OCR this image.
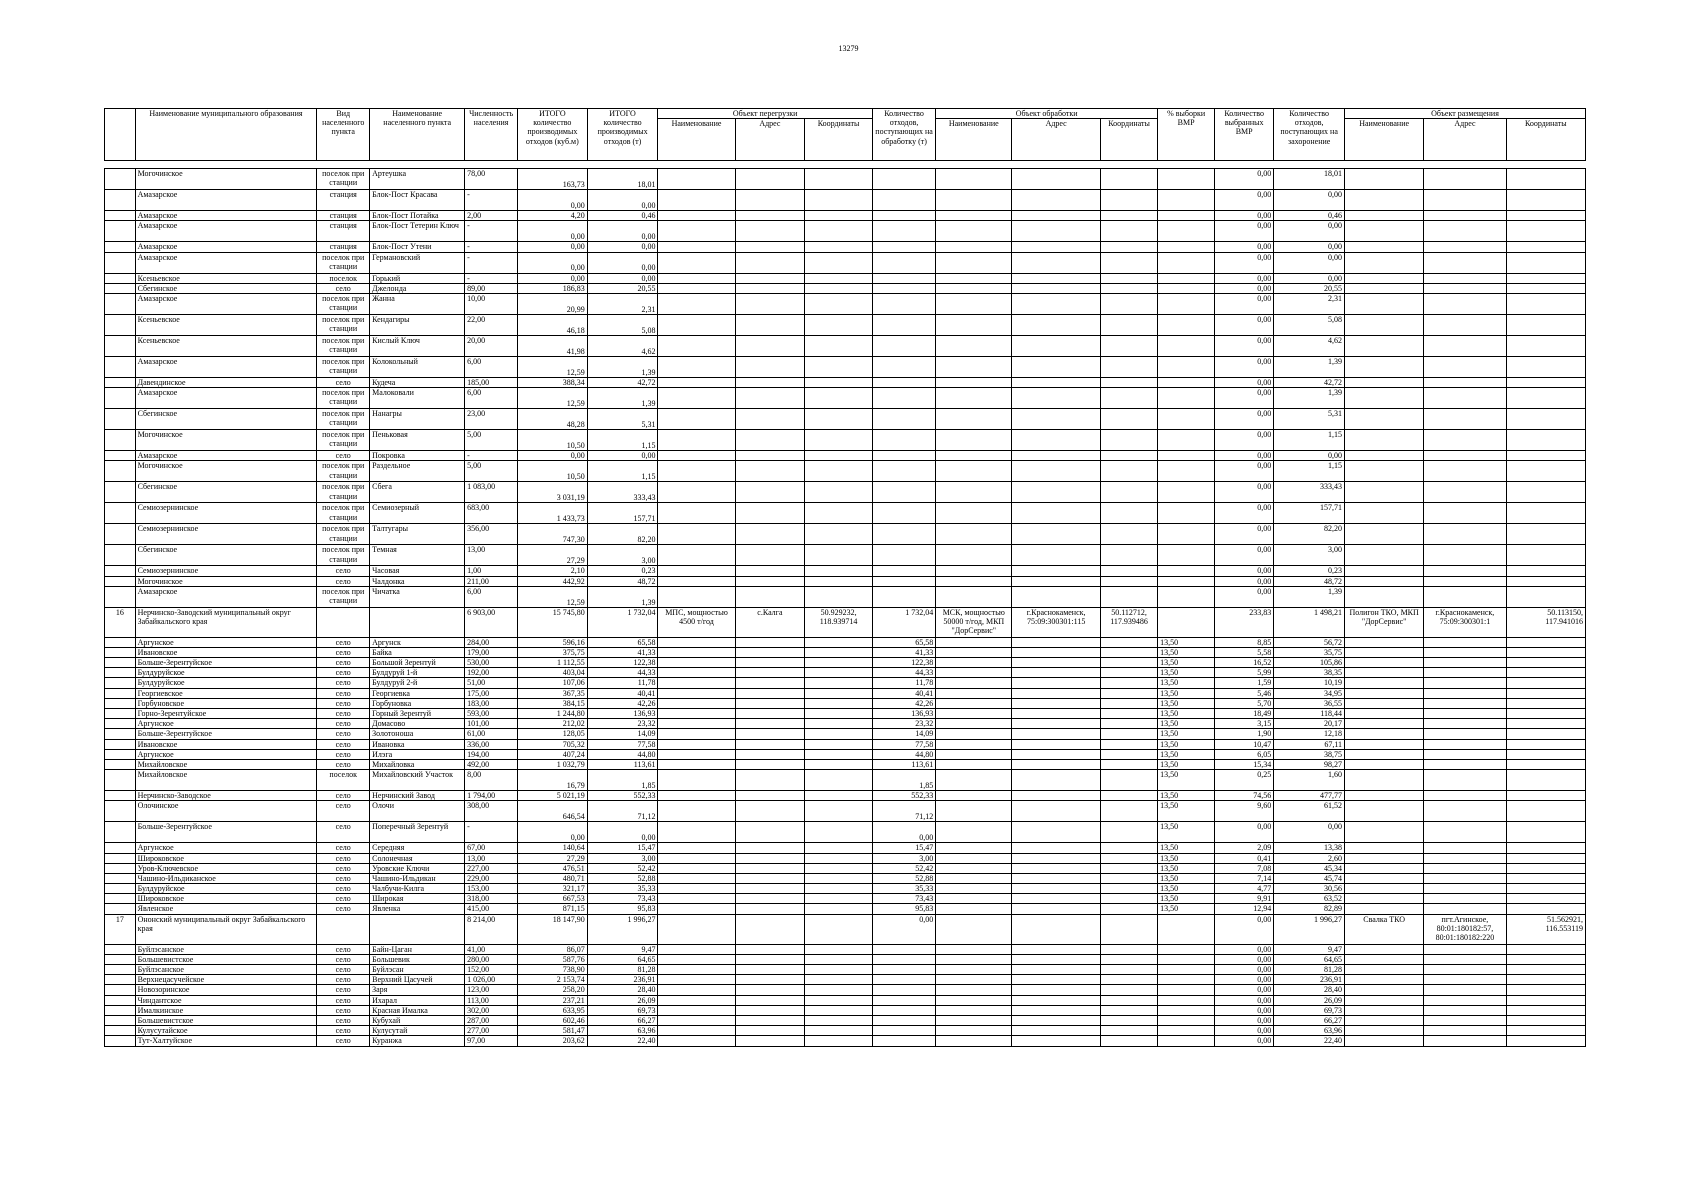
13279
	Наименование муниципального образования	Вид населенного пункта	Наименование населенного пункта	Численность населения	ИТОГО количество производимых отходов (куб.м)	ИТОГО количество производимых отходов (т)	Объект перегрузки			Количество отходов, поступающих на обработку (т)	Объект обработки			% выборки ВМР	Количество выбранных ВМР	Количество отходов, поступающих на захоронение	Объект размещения		
							Наименование	Адрес	Координаты		Наименование	Адрес	Координаты				Наименование	Адрес	Координаты

	Могочинское	поселок при станции	Артеушка	78,00	163,73	18,01									0,00	18,01			
	Амазарское	станция	Блок-Пост Красава	-	0,00	0,00									0,00	0,00			
	Амазарское	станция	Блок-Пост Потайка	2,00	4,20	0,46									0,00	0,46			
	Амазарское	станция	Блок-Пост Тетерин Ключ	-	0,00	0,00									0,00	0,00			
	Амазарское	станция	Блок-Пост Утени	-	0,00	0,00									0,00	0,00			
	Амазарское	поселок при станции	Германовский	-	0,00	0,00									0,00	0,00			
	Ксеньевское	поселок	Горький	-	0,00	0,00									0,00	0,00			
	Сбегинское	село	Джелонда	89,00	186,83	20,55									0,00	20,55			
	Амазарское	поселок при станции	Жанна	10,00	20,99	2,31									0,00	2,31			
	Ксеньевское	поселок при станции	Кендагиры	22,00	46,18	5,08									0,00	5,08			
	Ксеньевское	поселок при станции	Кислый Ключ	20,00	41,98	4,62									0,00	4,62			
	Амазарское	поселок при станции	Колокольный	6,00	12,59	1,39									0,00	1,39			
	Давендинское	село	Кудеча	185,00	388,34	42,72									0,00	42,72			
	Амазарское	поселок при станции	Малоковали	6,00	12,59	1,39									0,00	1,39			
	Сбегинское	поселок при станции	Нанагры	23,00	48,28	5,31									0,00	5,31			
	Могочинское	поселок при станции	Пеньковая	5,00	10,50	1,15									0,00	1,15			
	Амазарское	село	Покровка	-	0,00	0,00									0,00	0,00			
	Могочинское	поселок при станции	Раздельное	5,00	10,50	1,15									0,00	1,15			
	Сбегинское	поселок при станции	Сбега	1 083,00	3 031,19	333,43									0,00	333,43			
	Семиозернинское	поселок при станции	Семиозерный	683,00	1 433,73	157,71									0,00	157,71			
	Семиозернинское	поселок при станции	Талтугары	356,00	747,30	82,20									0,00	82,20			
	Сбегинское	поселок при станции	Темная	13,00	27,29	3,00									0,00	3,00			
	Семиозернинское	село	Часовая	1,00	2,10	0,23									0,00	0,23			
	Могочинское	село	Чалдонка	211,00	442,92	48,72									0,00	48,72			
	Амазарское	поселок при станции	Чичатка	6,00	12,59	1,39									0,00	1,39			
16	Нерчинско-Заводский муниципальный округ Забайкальского края			6 903,00	15 745,80	1 732,04	МПС, мощностью 4500 т/год	с.Калга	50.929232, 118.939714	1 732,04	МСК, мощностью 50000 т/год, МКП "ДорСервис"	г.Краснокаменск, 75:09:300301:115	50.112712, 117.939486		233,83	1 498,21	Полигон ТКО, МКП "ДорСервис"	г.Краснокаменск, 75:09:300301:1	50.113150, 117.941016
	Аргунское	село	Аргунск	284,00	596,16	65,58				65,58				13,50	8,85	56,72			
	Ивановское	село	Байка	179,00	375,75	41,33				41,33				13,50	5,58	35,75			
	Больше-Зерентуйское	село	Большой Зерентуй	530,00	1 112,55	122,38				122,38				13,50	16,52	105,86			
	Булдуруйское	село	Булдуруй 1-й	192,00	403,04	44,33				44,33				13,50	5,99	38,35			
	Булдуруйское	село	Булдуруй 2-й	51,00	107,06	11,78				11,78				13,50	1,59	10,19			
	Георгиевское	село	Георгиевка	175,00	367,35	40,41				40,41				13,50	5,46	34,95			
	Горбуновское	село	Горбуновка	183,00	384,15	42,26				42,26				13,50	5,70	36,55			
	Горно-Зерентуйское	село	Горный Зерентуй	593,00	1 244,80	136,93				136,93				13,50	18,49	118,44			
	Аргунское	село	Домасово	101,00	212,02	23,32				23,32				13,50	3,15	20,17			
	Больше-Зерентуйское	село	Золотоноша	61,00	128,05	14,09				14,09				13,50	1,90	12,18			
	Ивановское	село	Ивановка	336,00	705,32	77,58				77,58				13,50	10,47	67,11			
	Аргунское	село	Илэга	194,00	407,24	44,80				44,80				13,50	6,05	38,75			
	Михайловское	село	Михайловка	492,00	1 032,79	113,61				113,61				13,50	15,34	98,27			
	Михайловское	поселок	Михайловский Участок	8,00	16,79	1,85				1,85				13,50	0,25	1,60			
	Нерчинско-Заводское	село	Нерчинский Завод	1 794,00	5 021,19	552,33				552,33				13,50	74,56	477,77			
	Олочинское	село	Олочи	308,00	646,54	71,12				71,12				13,50	9,60	61,52			
	Больше-Зерентуйское	село	Поперечный Зерентуй	-	0,00	0,00				0,00				13,50	0,00	0,00			
	Аргунское	село	Середняя	67,00	140,64	15,47				15,47				13,50	2,09	13,38			
	Широковское	село	Солонечная	13,00	27,29	3,00				3,00				13,50	0,41	2,60			
	Уров-Ключевское	село	Уровские Ключи	227,00	476,51	52,42				52,42				13,50	7,08	45,34			
	Чашино-Ильдиканское	село	Чашино-Ильдикан	229,00	480,71	52,88				52,88				13,50	7,14	45,74			
	Булдуруйское	село	Чалбучи-Килга	153,00	321,17	35,33				35,33				13,50	4,77	30,56			
	Широковское	село	Широкая	318,00	667,53	73,43				73,43				13,50	9,91	63,52			
	Явленское	село	Явленка	415,00	871,15	95,83				95,83				13,50	12,94	82,89			
17	Ононский муниципальный округ Забайкальского края			8 214,00	18 147,90	1 996,27				0,00					0,00	1 996,27	Свалка ТКО	пгт.Агинское, 80:01:180182:57, 80:01:180182:220	51.562921, 116.553119
	Буйлэсанское	село	Байн-Цаган	41,00	86,07	9,47									0,00	9,47			
	Большевистское	село	Большевик	280,00	587,76	64,65									0,00	64,65			
	Буйлэсанское	село	Буйлэсан	152,00	738,90	81,28									0,00	81,28			
	Верхнецасучейское	село	Верхний Цасучей	1 026,00	2 153,74	236,91									0,00	236,91			
	Новозоринское	село	Заря	123,00	258,20	28,40									0,00	28,40			
	Чиндантское	село	Ихарал	113,00	237,21	26,09									0,00	26,09			
	Ималкинское	село	Красная Ималка	302,00	633,95	69,73									0,00	69,73			
	Большевистское	село	Кубухай	287,00	602,46	66,27									0,00	66,27			
	Кулусутайское	село	Кулусутай	277,00	581,47	63,96									0,00	63,96			
	Тут-Халтуйское	село	Куранжа	97,00	203,62	22,40									0,00	22,40			
